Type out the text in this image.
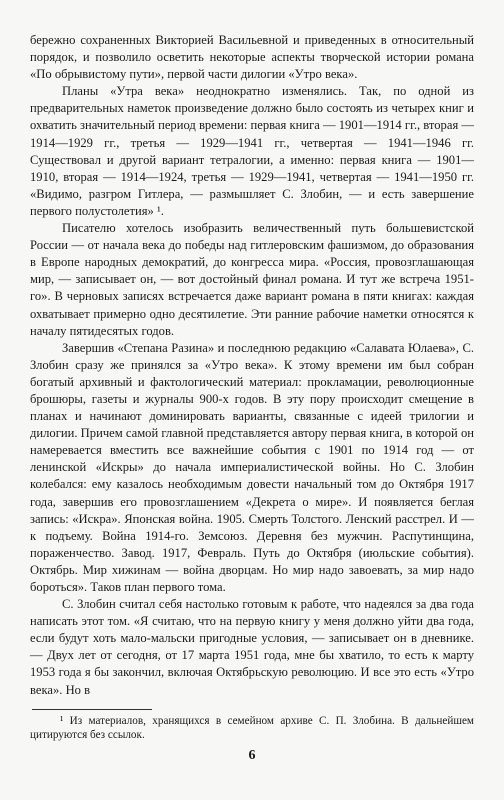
бережно сохраненных Викторией Васильевной и приведенных в относительный порядок, и позволило осветить некоторые аспекты творческой истории романа «По обрывистому пути», первой части дилогии «Утро века».

Планы «Утра века» неоднократно изменялись. Так, по одной из предварительных наметок произведение должно было состоять из четырех книг и охватить значительный период времени: первая книга — 1901—1914 гг., вторая — 1914—1929 гг., третья — 1929—1941 гг., четвертая — 1941—1946 гг. Существовал и другой вариант тетралогии, а именно: первая книга — 1901—1910, вторая — 1914—1924, третья — 1929—1941, четвертая — 1941—1950 гг. «Видимо, разгром Гитлера, — размышляет С. Злобин, — и есть завершение первого полустолетия» ¹.

Писателю хотелось изобразить величественный путь большевистской России — от начала века до победы над гитлеровским фашизмом, до образования в Европе народных демократий, до конгресса мира. «Россия, провозглашающая мир, — записывает он, — вот достойный финал романа. И тут же встреча 1951-го». В черновых записях встречается даже вариант романа в пяти книгах: каждая охватывает примерно одно десятилетие. Эти ранние рабочие наметки относятся к началу пятидесятых годов.

Завершив «Степана Разина» и последнюю редакцию «Салавата Юлаева», С. Злобин сразу же принялся за «Утро века». К этому времени им был собран богатый архивный и фактологический материал: прокламации, революционные брошюры, газеты и журналы 900-х годов. В эту пору происходит смещение в планах и начинают доминировать варианты, связанные с идеей трилогии и дилогии. Причем самой главной представляется автору первая книга, в которой он намеревается вместить все важнейшие события с 1901 по 1914 год — от ленинской «Искры» до начала империалистической войны. Но С. Злобин колебался: ему казалось необходимым довести начальный том до Октября 1917 года, завершив его провозглашением «Декрета о мире». И появляется беглая запись: «Искра». Японская война. 1905. Смерть Толстого. Ленский расстрел. И — к подъему. Война 1914-го. Земсоюз. Деревня без мужчин. Распутинщина, пораженчество. Завод. 1917, Февраль. Путь до Октября (июльские события). Октябрь. Мир хижинам — война дворцам. Но мир надо завоевать, за мир надо бороться». Таков план первого тома.

С. Злобин считал себя настолько готовым к работе, что надеялся за два года написать этот том. «Я считаю, что на первую книгу у меня должно уйти два года, если будут хоть мало-мальски пригодные условия, — записывает он в дневнике. — Двух лет от сегодня, от 17 марта 1951 года, мне бы хватило, то есть к марту 1953 года я бы закончил, включая Октябрьскую революцию. И все это есть «Утро века». Но в

¹ Из материалов, хранящихся в семейном архиве С. П. Злобина. В дальнейшем цитируются без ссылок.

6
